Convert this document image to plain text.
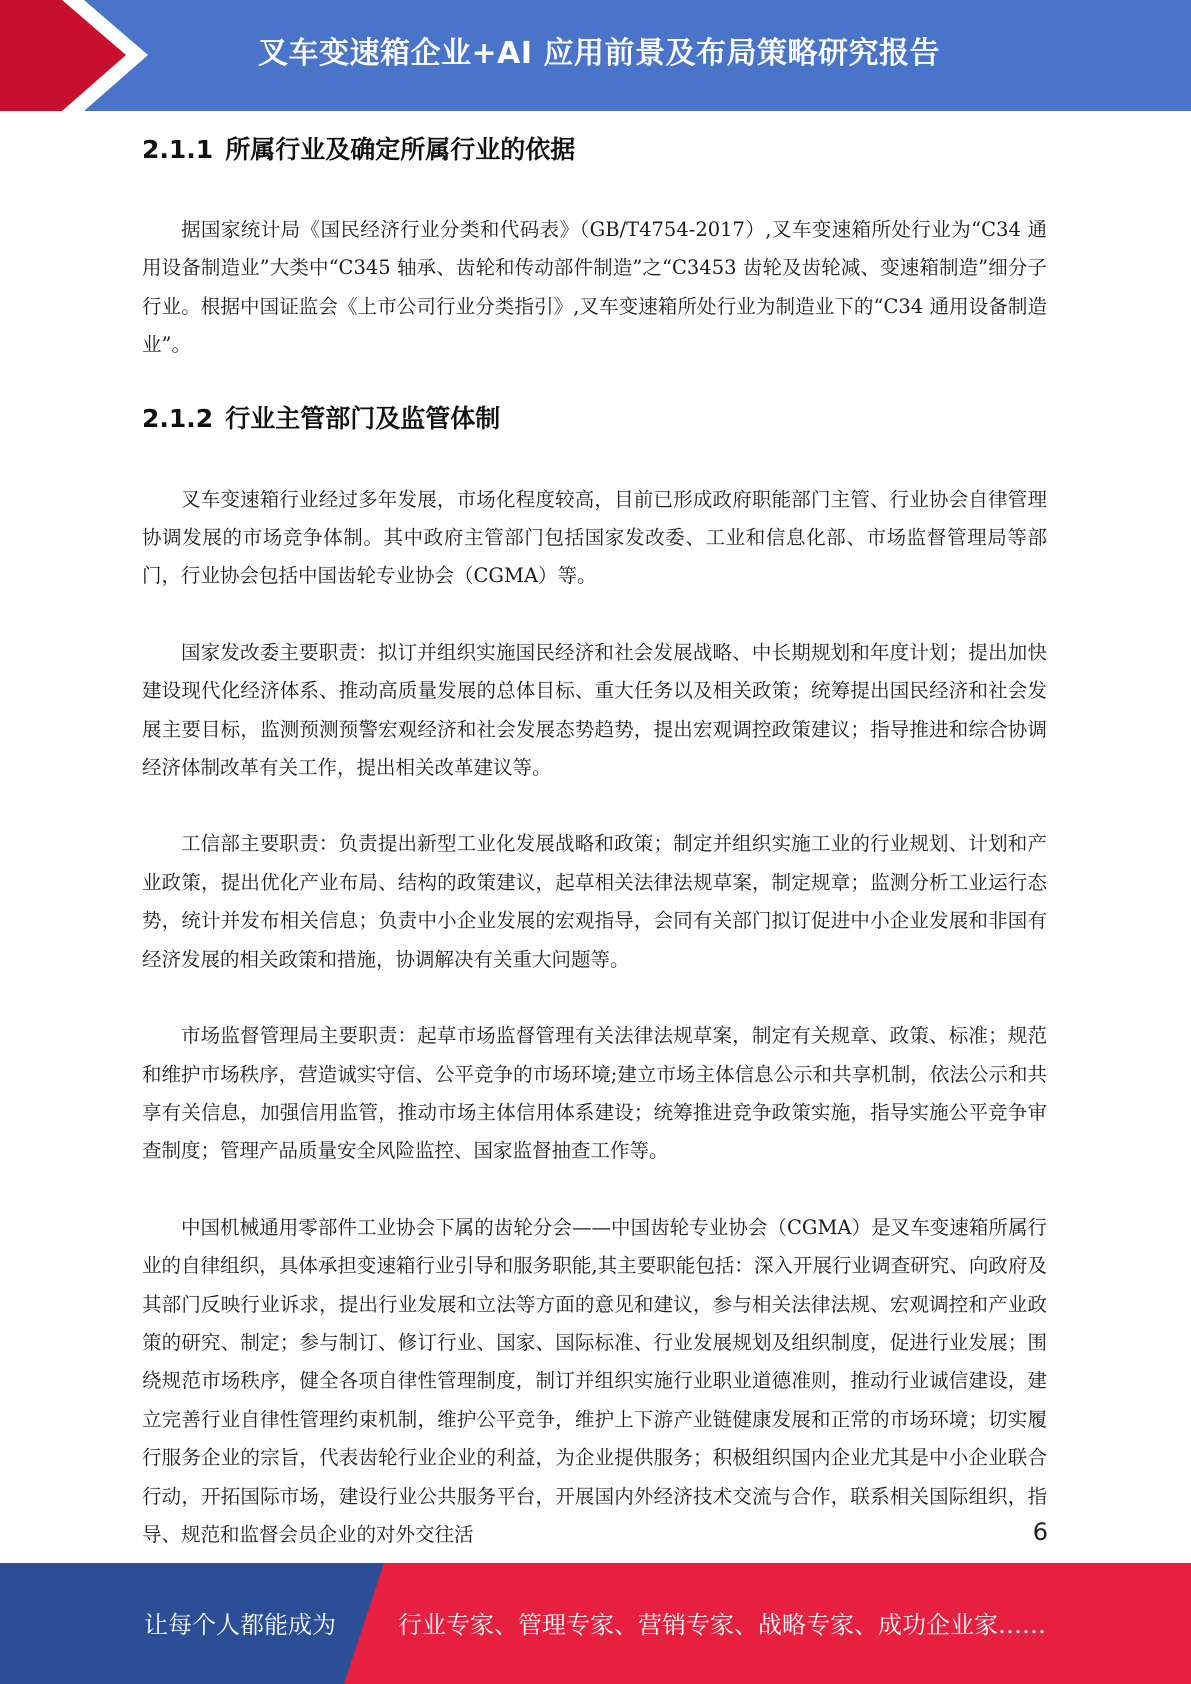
叉车变速箱企业+AI 应用前景及布局策略研究报告
2.1.1 所属行业及确定所属行业的依据

据国家统计局《国民经济行业分类和代码表》（GB/T4754-2017）,叉车变速箱所处行业为“C34 通用设备制造业”大类中“C345 轴承、齿轮和传动部件制造”之“C3453 齿轮及齿轮减、变速箱制造”细分子行业。根据中国证监会《上市公司行业分类指引》,叉车变速箱所处行业为制造业下的“C34 通用设备制造业”。

2.1.2 行业主管部门及监管体制

叉车变速箱行业经过多年发展，市场化程度较高，目前已形成政府职能部门主管、行业协会自律管理协调发展的市场竞争体制。其中政府主管部门包括国家发改委、工业和信息化部、市场监督管理局等部门，行业协会包括中国齿轮专业协会（CGMA）等。

国家发改委主要职责：拟订并组织实施国民经济和社会发展战略、中长期规划和年度计划；提出加快建设现代化经济体系、推动高质量发展的总体目标、重大任务以及相关政策；统筹提出国民经济和社会发展主要目标，监测预测预警宏观经济和社会发展态势趋势，提出宏观调控政策建议；指导推进和综合协调经济体制改革有关工作，提出相关改革建议等。

工信部主要职责：负责提出新型工业化发展战略和政策；制定并组织实施工业的行业规划、计划和产业政策，提出优化产业布局、结构的政策建议，起草相关法律法规草案，制定规章；监测分析工业运行态势，统计并发布相关信息；负责中小企业发展的宏观指导，会同有关部门拟订促进中小企业发展和非国有经济发展的相关政策和措施，协调解决有关重大问题等。

市场监督管理局主要职责：起草市场监督管理有关法律法规草案，制定有关规章、政策、标准；规范和维护市场秩序，营造诚实守信、公平竞争的市场环境;建立市场主体信息公示和共享机制，依法公示和共享有关信息，加强信用监管，推动市场主体信用体系建设；统筹推进竞争政策实施，指导实施公平竞争审查制度；管理产品质量安全风险监控、国家监督抽查工作等。

中国机械通用零部件工业协会下属的齿轮分会——中国齿轮专业协会（CGMA）是叉车变速箱所属行业的自律组织，具体承担变速箱行业引导和服务职能,其主要职能包括：深入开展行业调查研究、向政府及其部门反映行业诉求，提出行业发展和立法等方面的意见和建议，参与相关法律法规、宏观调控和产业政策的研究、制定；参与制订、修订行业、国家、国际标准、行业发展规划及组织制度，促进行业发展；围绕规范市场秩序，健全各项自律性管理制度，制订并组织实施行业职业道德准则，推动行业诚信建设，建立完善行业自律性管理约束机制，维护公平竞争，维护上下游产业链健康发展和正常的市场环境；切实履行服务企业的宗旨，代表齿轮行业企业的利益，为企业提供服务；积极组织国内企业尤其是中小企业联合行动，开拓国际市场，建设行业公共服务平台，开展国内外经济技术交流与合作，联系相关国际组织，指导、规范和监督会员企业的对外交往活	6
让每个人都能成为	行业专家、管理专家、营销专家、战略专家、成功企业家……
